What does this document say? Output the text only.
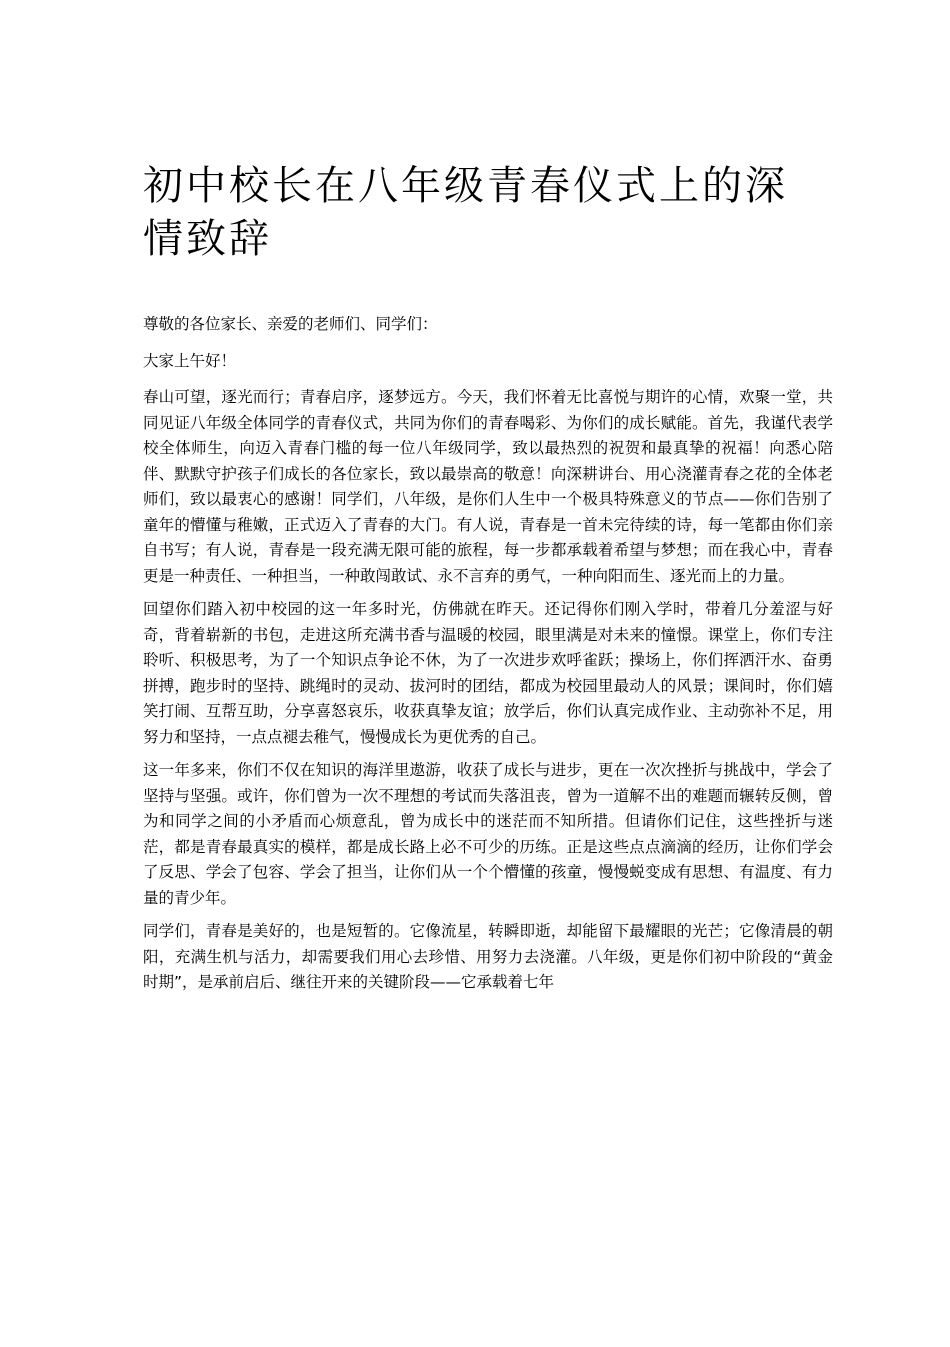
初中校长在八年级青春仪式上的深情致辞

尊敬的各位家长、亲爱的老师们、同学们：

大家上午好！

春山可望，逐光而行；青春启序，逐梦远方。今天，我们怀着无比喜悦与期许的心情，欢聚一堂，共同见证八年级全体同学的青春仪式，共同为你们的青春喝彩、为你们的成长赋能。首先，我谨代表学校全体师生，向迈入青春门槛的每一位八年级同学，致以最热烈的祝贺和最真挚的祝福！向悉心陪伴、默默守护孩子们成长的各位家长，致以最崇高的敬意！向深耕讲台、用心浇灌青春之花的全体老师们，致以最衷心的感谢！同学们，八年级，是你们人生中一个极具特殊意义的节点——你们告别了童年的懵懂与稚嫩，正式迈入了青春的大门。有人说，青春是一首未完待续的诗，每一笔都由你们亲自书写；有人说，青春是一段充满无限可能的旅程，每一步都承载着希望与梦想；而在我心中，青春更是一种责任、一种担当，一种敢闯敢试、永不言弃的勇气，一种向阳而生、逐光而上的力量。

回望你们踏入初中校园的这一年多时光，仿佛就在昨天。还记得你们刚入学时，带着几分羞涩与好奇，背着崭新的书包，走进这所充满书香与温暖的校园，眼里满是对未来的憧憬。课堂上，你们专注聆听、积极思考，为了一个知识点争论不休，为了一次进步欢呼雀跃；操场上，你们挥洒汗水、奋勇拼搏，跑步时的坚持、跳绳时的灵动、拔河时的团结，都成为校园里最动人的风景；课间时，你们嬉笑打闹、互帮互助，分享喜怒哀乐，收获真挚友谊；放学后，你们认真完成作业、主动弥补不足，用努力和坚持，一点点褪去稚气，慢慢成长为更优秀的自己。

这一年多来，你们不仅在知识的海洋里遨游，收获了成长与进步，更在一次次挫折与挑战中，学会了坚持与坚强。或许，你们曾为一次不理想的考试而失落沮丧，曾为一道解不出的难题而辗转反侧，曾为和同学之间的小矛盾而心烦意乱，曾为成长中的迷茫而不知所措。但请你们记住，这些挫折与迷茫，都是青春最真实的模样，都是成长路上必不可少的历练。正是这些点点滴滴的经历，让你们学会了反思、学会了包容、学会了担当，让你们从一个个懵懂的孩童，慢慢蜕变成有思想、有温度、有力量的青少年。

同学们，青春是美好的，也是短暂的。它像流星，转瞬即逝，却能留下最耀眼的光芒；它像清晨的朝阳，充满生机与活力，却需要我们用心去珍惜、用努力去浇灌。八年级，更是你们初中阶段的“黄金时期”，是承前启后、继往开来的关键阶段——它承载着七年
